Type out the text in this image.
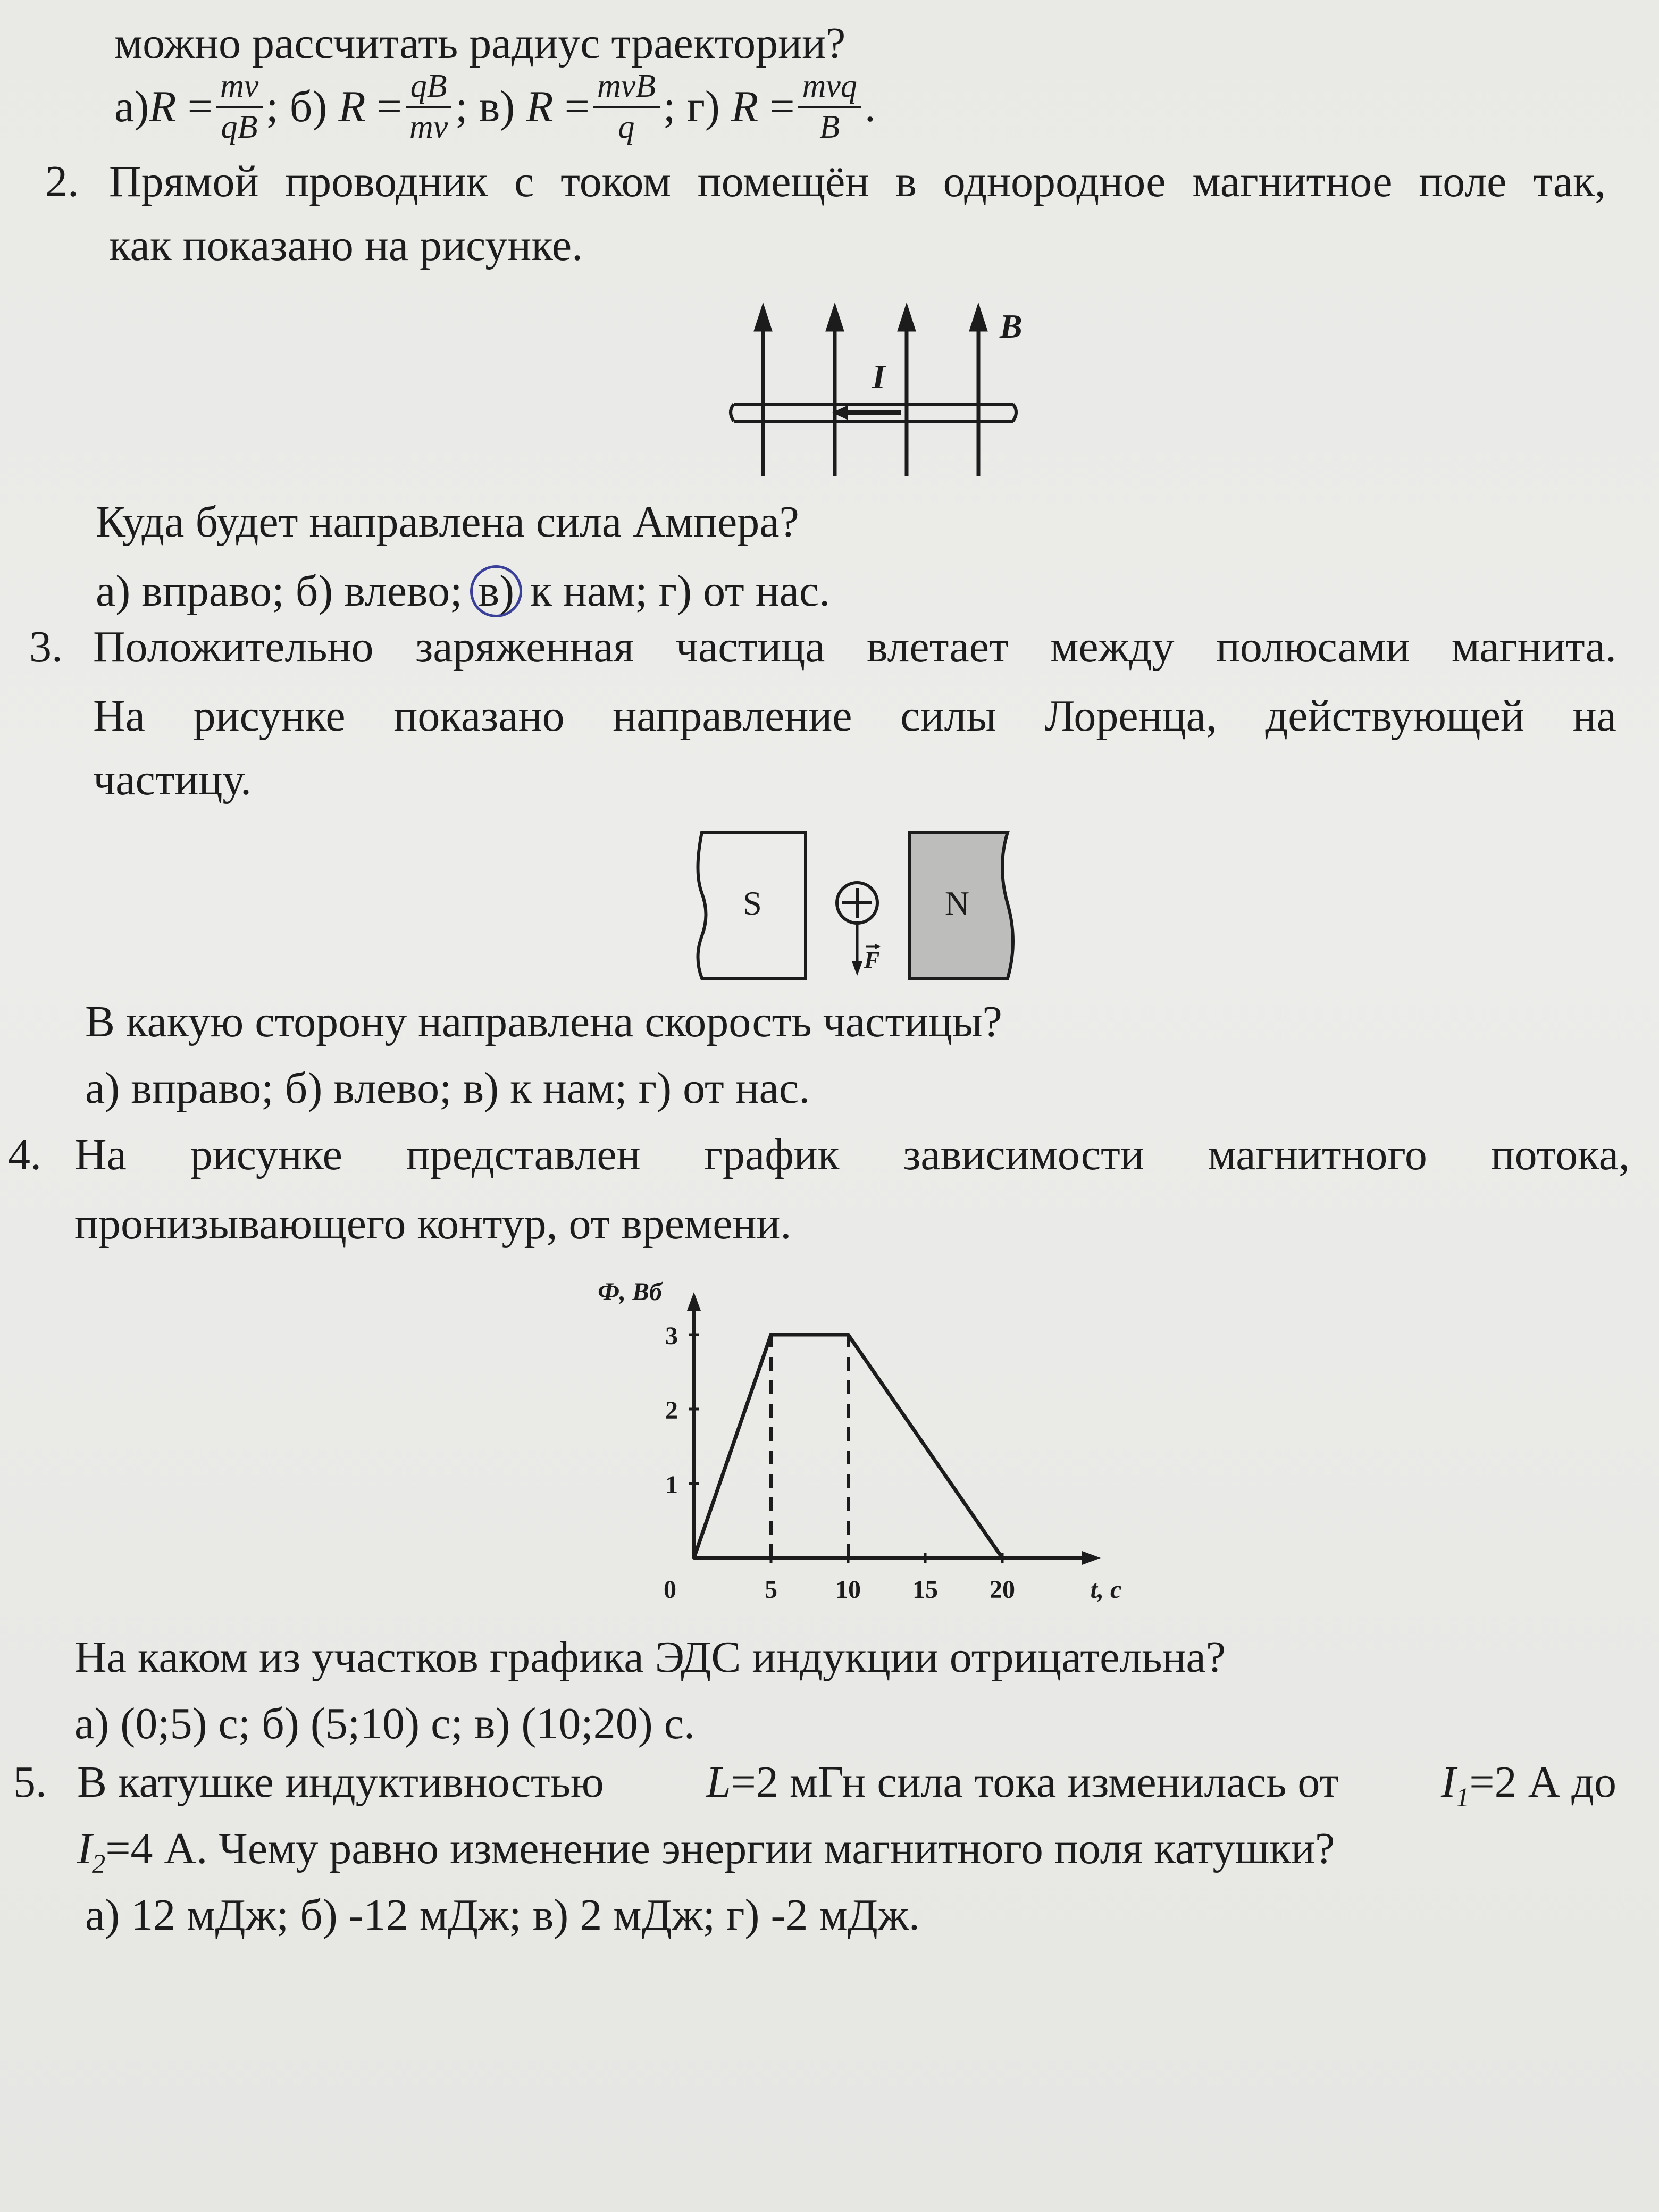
можно рассчитать радиус траектории?
а) R
= $\frac{mv}{qB}$ ; б)
R
= $\frac{qB}{mv}$ ; в)
R
= $\frac{\text{mvB}}{q}$ ; г)
R
= $\frac{\text{mvq}}{B}$ .
2. Прямой проводник с током помещён в однородное магнитное поле так,
как показано на рисунке.
I
B
Куда будет направлена сила Ампера?
а) вправо; б) влево; в) к нам; г) от нас.
3. Положительно заряженная частица влетает между полюсами магнита.
На рисунке показано направление силы Лоренца, действующей на
частицу.
S	N
F
В какую сторону направлена скорость частицы?
а) вправо; б) влево; в) к нам; г) от нас.
4. На рисунке представлен график зависимости магнитного потока,
пронизывающего контур, от времени.
1
2
3
0	5 10 15 20
Ф, Вб
t, с
На каком из участков графика ЭДС индукции отрицательна?
а) (0;5) с; б) (5;10) с; в) (10;20) с.
5. В катушке индуктивностью L=2 мГн сила тока изменилась от $I_1=2$ А до
$I_2=4$ А. Чему равно изменение энергии магнитного поля катушки?
а) 12 мДж; б) -12 мДж; в) 2 мДж; г) -2 мДж.
